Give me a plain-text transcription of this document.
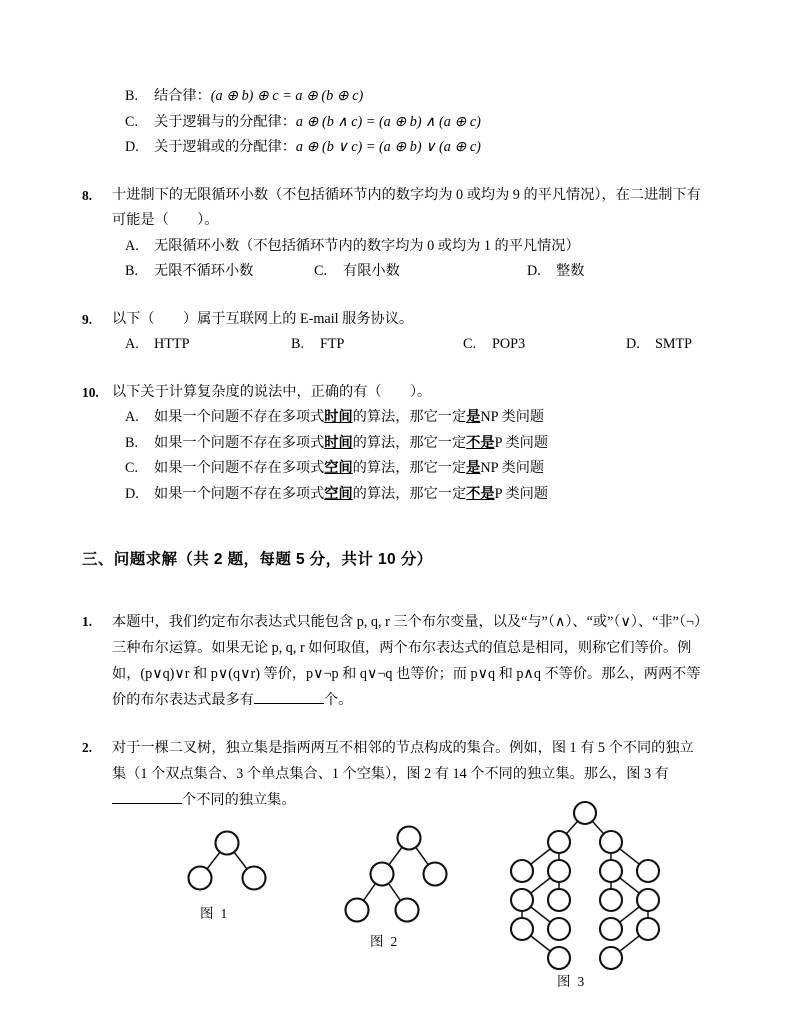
B.	结合律：(a ⊕ b) ⊕ c = a ⊕ (b ⊕ c)
C.	关于逻辑与的分配律：a ⊕ (b ∧ c) = (a ⊕ b) ∧ (a ⊕ c)
D.	关于逻辑或的分配律：a ⊕ (b ∨ c) = (a ⊕ b) ∨ (a ⊕ c)
8.	十进制下的无限循环小数（不包括循环节内的数字均为 0 或均为 9 的平凡情况），在二进制下有可能是（　　）。
A.	无限循环小数（不包括循环节内的数字均为 0 或均为 1 的平凡情况）
B.	无限不循环小数	C.	有限小数	D.	整数
9.	以下（　　）属于互联网上的 E-mail 服务协议。
A.	HTTP	B.	FTP	C.	POP3	D.	SMTP
10. 以下关于计算复杂度的说法中，正确的有（　　）。
A.	如果一个问题不存在多项式时间的算法，那它一定是NP 类问题
B.	如果一个问题不存在多项式时间的算法，那它一定不是P 类问题
C.	如果一个问题不存在多项式空间的算法，那它一定是NP 类问题
D.	如果一个问题不存在多项式空间的算法，那它一定不是P 类问题
三、问题求解（共 2 题，每题 5 分，共计 10 分）
1.	本题中，我们约定布尔表达式只能包含 p, q, r 三个布尔变量，以及“与”（∧）、“或”（∨）、“非”（¬）三种布尔运算。如果无论 p, q, r 如何取值，两个布尔表达式的值总是相同，则称它们等价。例如，(p∨q)∨r 和 p∨(q∨r) 等价，p∨¬p 和 q∨¬q 也等价；而 p∨q 和 p∧q 不等价。那么，两两不等价的布尔表达式最多有	个。
2.	对于一棵二叉树，独立集是指两两互不相邻的节点构成的集合。例如，图 1 有 5 个不同的独立集（1 个双点集合、3 个单点集合、1 个空集），图 2 有 14 个不同的独立集。那么，图 3 有个不同的独立集。
图 1
图 2
图 3
